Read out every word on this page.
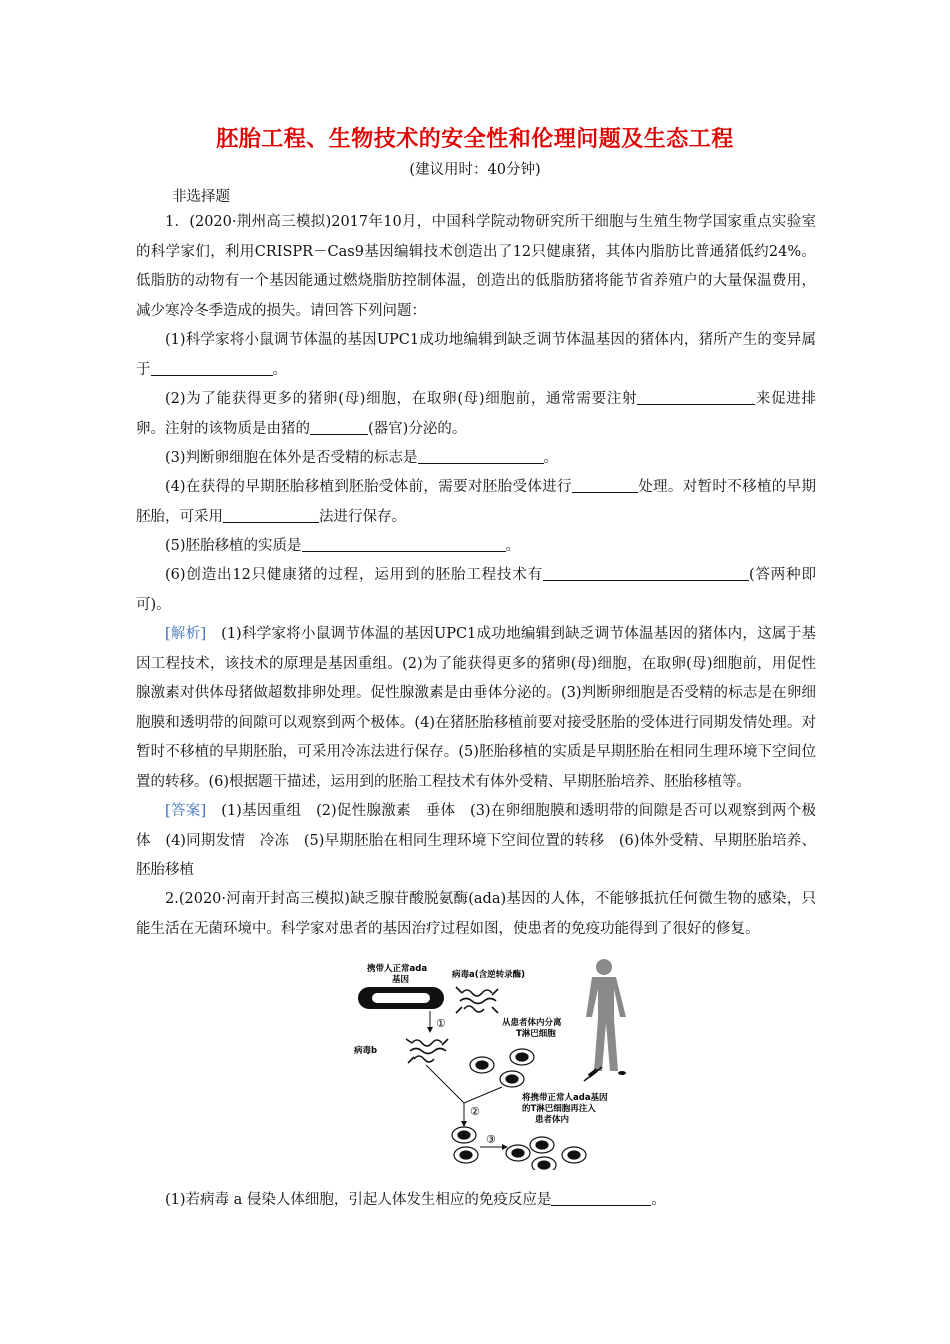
胚胎工程、生物技术的安全性和伦理问题及生态工程
(建议用时：40分钟)
非选择题
1．(2020·荆州高三模拟)2017年10月，中国科学院动物研究所干细胞与生殖生物学国家重点实验室的科学家们，利用CRISPR－Cas9基因编辑技术创造出了12只健康猪，其体内脂肪比普通猪低约24%。低脂肪的动物有一个基因能通过燃烧脂肪控制体温，创造出的低脂肪猪将能节省养殖户的大量保温费用，减少寒冷冬季造成的损失。请回答下列问题：
(1)科学家将小鼠调节体温的基因UPC1成功地编辑到缺乏调节体温基因的猪体内，猪所产生的变异属于	。
(2)为了能获得更多的猪卵(母)细胞，在取卵(母)细胞前，通常需要注射	来促进排卵。注射的该物质是由猪的	(器官)分泌的。
(3)判断卵细胞在体外是否受精的标志是	。
(4)在获得的早期胚胎移植到胚胎受体前，需要对胚胎受体进行	处理。对暂时不移植的早期胚胎，可采用	法进行保存。
(5)胚胎移植的实质是	。
(6)创造出12只健康猪的过程，运用到的胚胎工程技术有	(答两种即可)。
[解析]　(1)科学家将小鼠调节体温的基因UPC1成功地编辑到缺乏调节体温基因的猪体内，这属于基因工程技术，该技术的原理是基因重组。(2)为了能获得更多的猪卵(母)细胞，在取卵(母)细胞前，用促性腺激素对供体母猪做超数排卵处理。促性腺激素是由垂体分泌的。(3)判断卵细胞是否受精的标志是在卵细胞膜和透明带的间隙可以观察到两个极体。(4)在猪胚胎移植前要对接受胚胎的受体进行同期发情处理。对暂时不移植的早期胚胎，可采用冷冻法进行保存。(5)胚胎移植的实质是早期胚胎在相同生理环境下空间位置的转移。(6)根据题干描述，运用到的胚胎工程技术有体外受精、早期胚胎培养、胚胎移植等。
[答案]　(1)基因重组　(2)促性腺激素　垂体　(3)在卵细胞膜和透明带的间隙是否可以观察到两个极体　(4)同期发情　冷冻　(5)早期胚胎在相同生理环境下空间位置的转移　(6)体外受精、早期胚胎培养、胚胎移植
2.(2020·河南开封高三模拟)缺乏腺苷酸脱氨酶(ada)基因的人体，不能够抵抗任何微生物的感染，只能生活在无菌环境中。科学家对患者的基因治疗过程如图，使患者的免疫功能得到了很好的修复。
携带人正常ada
基因	病毒a(含逆转录酶)
从患者体内分离
T淋巴细胞
病毒b
将携带正常人ada基因
的T淋巴细胞再注入
患者体内
①
②
③
(1)若病毒 a 侵染人体细胞，引起人体发生相应的免疫反应是	。
